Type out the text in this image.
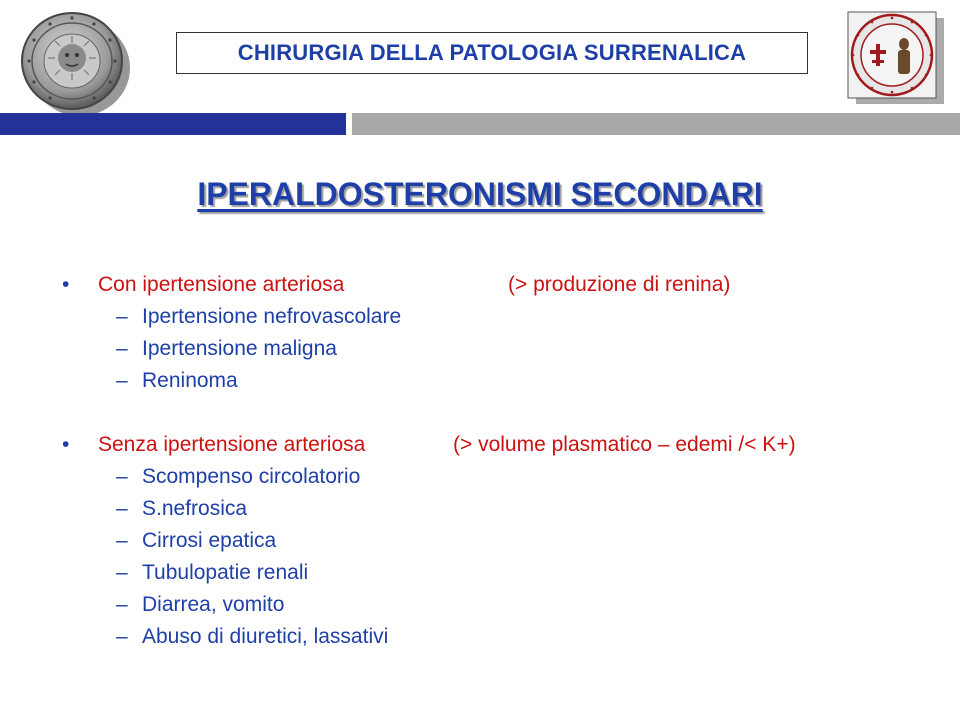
CHIRURGIA DELLA PATOLOGIA SURRENALICA
IPERALDOSTERONISMI SECONDARI
• Con ipertensione arteriosa	(> produzione di renina)
– Ipertensione nefrovascolare
– Ipertensione maligna
– Reninoma
• Senza ipertensione arteriosa	(> volume plasmatico – edemi /< K+)
– Scompenso circolatorio
– S.nefrosica
– Cirrosi epatica
– Tubulopatie renali
– Diarrea, vomito
– Abuso di diuretici, lassativi
